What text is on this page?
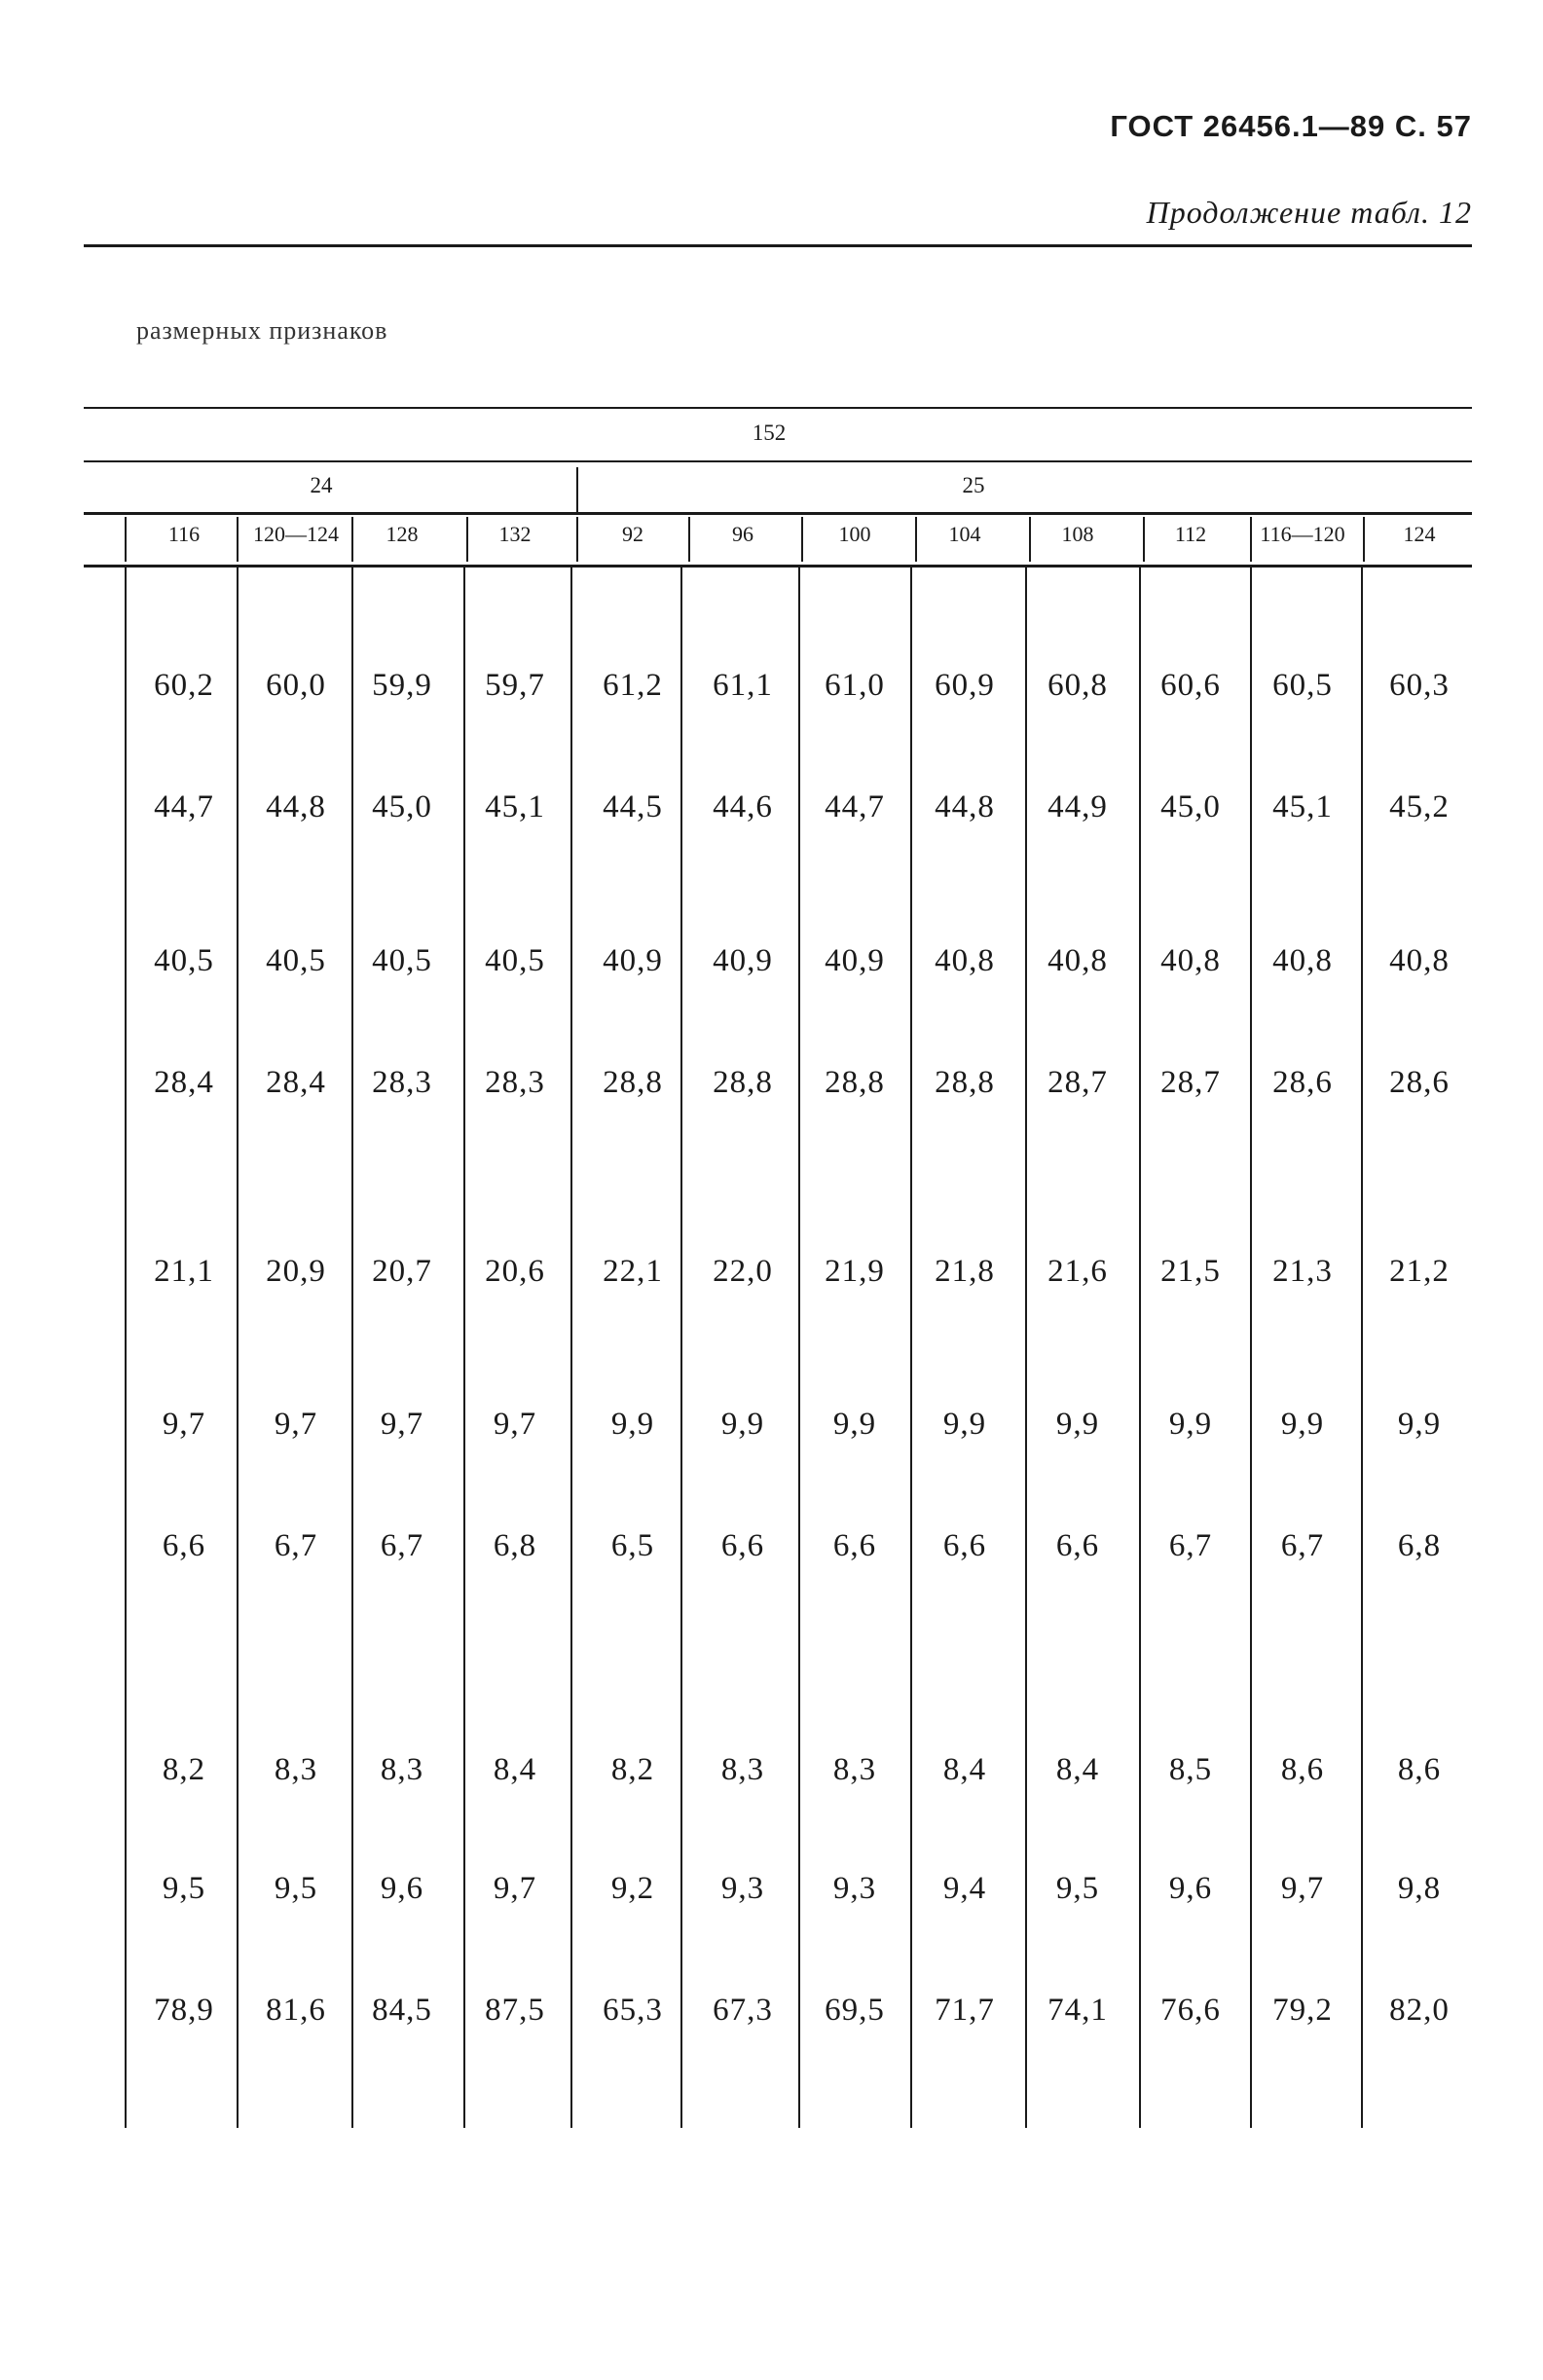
ГОСТ 26456.1—89 С. 57
Продолжение табл. 12
размерных признаков
152
24	25
116	120—124	128	132	92	96	100	104	108	112	116—120	124
60,2	60,0	59,9	59,7	61,2	61,1	61,0	60,9	60,8	60,6	60,5	60,3
44,7	44,8	45,0	45,1	44,5	44,6	44,7	44,8	44,9	45,0	45,1	45,2
40,5	40,5	40,5	40,5	40,9	40,9	40,9	40,8	40,8	40,8	40,8	40,8
28,4	28,4	28,3	28,3	28,8	28,8	28,8	28,8	28,7	28,7	28,6	28,6
21,1	20,9	20,7	20,6	22,1	22,0	21,9	21,8	21,6	21,5	21,3	21,2
9,7	9,7	9,7	9,7	9,9	9,9	9,9	9,9	9,9	9,9	9,9	9,9
6,6	6,7	6,7	6,8	6,5	6,6	6,6	6,6	6,6	6,7	6,7	6,8
8,2	8,3	8,3	8,4	8,2	8,3	8,3	8,4	8,4	8,5	8,6	8,6
9,5	9,5	9,6	9,7	9,2	9,3	9,3	9,4	9,5	9,6	9,7	9,8
78,9	81,6	84,5	87,5	65,3	67,3	69,5	71,7	74,1	76,6	79,2	82,0
